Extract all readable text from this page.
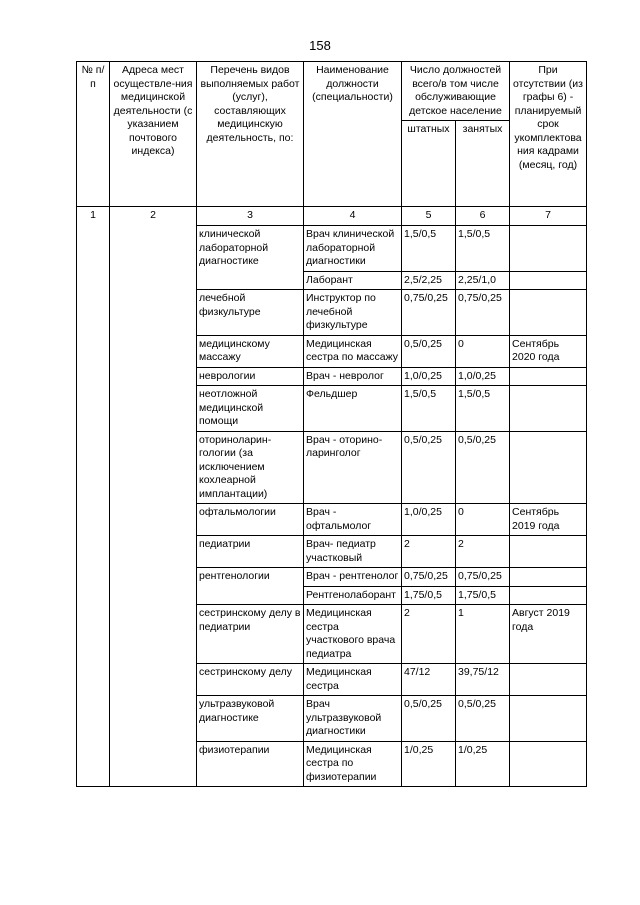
158
№ п/п	Адреса мест осуществле-ния медицинской деятельности (с указанием почтового индекса)	Перечень видов выполняемых работ (услуг), составляющих медицинскую деятельность, по:	Наименование должности (специальности)	Число должностей всего/в том числе обслуживающие детское население		При отсутствии (из графы 6) - планируемый срок укомплектования кадрами (месяц, год)
				штатных	занятых	
1	2	3	4	5	6	7
		клинической лабораторной диагностике	Врач клинической лабораторной диагностики	1,5/0,5	1,5/0,5	
			Лаборант	2,5/2,25	2,25/1,0	
		лечебной физкультуре	Инструктор по лечебной физкультуре	0,75/0,25	0,75/0,25	
		медицинскому массажу	Медицинская сестра по массажу	0,5/0,25	0	Сентябрь 2020 года
		неврологии	Врач - невролог	1,0/0,25	1,0/0,25	
		неотложной медицинской помощи	Фельдшер	1,5/0,5	1,5/0,5	
		оториноларин-гологии (за исключением кохлеарной имплантации)	Врач - оторино-ларинголог	0,5/0,25	0,5/0,25	
		офтальмологии	Врач - офтальмолог	1,0/0,25	0	Сентябрь 2019 года
		педиатрии	Врач- педиатр участковый	2	2	
		рентгенологии	Врач - рентгенолог	0,75/0,25	0,75/0,25	
			Рентгенолаборант	1,75/0,5	1,75/0,5	
		сестринскому делу в педиатрии	Медицинская сестра участкового врача педиатра	2	1	Август 2019 года
		сестринскому делу	Медицинская сестра	47/12	39,75/12	
		ультразвуковой диагностике	Врач ультразвуковой диагностики	0,5/0,25	0,5/0,25	
		физиотерапии	Медицинская сестра по физиотерапии	1/0,25	1/0,25	
